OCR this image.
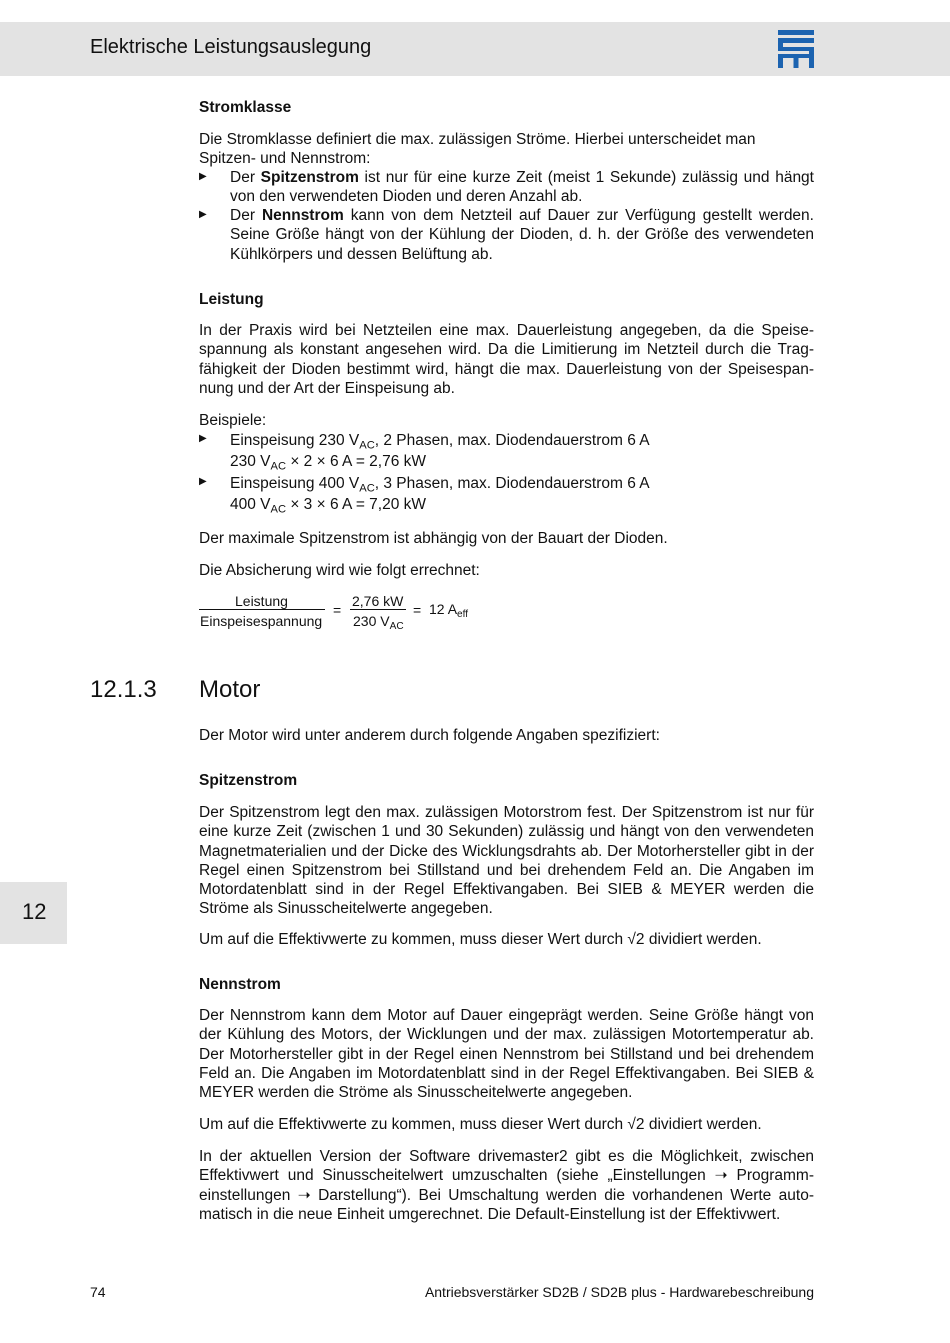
Elektrische Leistungsauslegung
12
Stromklasse
Die Stromklasse definiert die max. zulässigen Ströme. Hierbei unterscheidet man
Spitzen- und Nennstrom:
▶ Der Spitzenstrom ist nur für eine kurze Zeit (meist 1 Sekunde) zulässig und hängt von den verwendeten Dioden und deren Anzahl ab.
▶ Der Nennstrom kann von dem Netzteil auf Dauer zur Verfügung gestellt werden. Seine Größe hängt von der Kühlung der Dioden, d. h. der Größe des verwendeten Kühlkörpers und dessen Belüftung ab.
Leistung
In der Praxis wird bei Netzteilen eine max. Dauerleistung angegeben, da die Speisespannung als konstant angesehen wird. Da die Limitierung im Netzteil durch die Tragfähigkeit der Dioden bestimmt wird, hängt die max. Dauerleistung von der Speisespannung und der Art der Einspeisung ab.
Beispiele:
▶ Einspeisung 230 $V_{AC}$, 2 Phasen, max. Diodendauerstrom 6 A
230 $V_{AC} \times 2 \times 6$ A = 2,76 kW
▶ Einspeisung 400 $V_{AC}$, 3 Phasen, max. Diodendauerstrom 6 A
400 $V_{AC} \times 3 \times 6$ A = 7,20 kW
Der maximale Spitzenstrom ist abhängig von der Bauart der Dioden.
Die Absicherung wird wie folgt errechnet:
Leistung
Einspeisespannung
=
2,76 kW
230 $V_{AC}$
= 12 $A_{eff}$
Der Motor wird unter anderem durch folgende Angaben spezifiziert:
Spitzenstrom
Der Spitzenstrom legt den max. zulässigen Motorstrom fest. Der Spitzenstrom ist nur für eine kurze Zeit (zwischen 1 und 30 Sekunden) zulässig und hängt von den verwendeten Magnetmaterialien und der Dicke des Wicklungsdrahts ab. Der Motorhersteller gibt in der Regel einen Spitzenstrom bei Stillstand und bei drehendem Feld an. Die Angaben im Motordatenblatt sind in der Regel Effektivangaben. Bei SIEB & MEYER werden die Ströme als Sinusscheitelwerte angegeben.
Um auf die Effektivwerte zu kommen, muss dieser Wert durch √2 dividiert werden.
Nennstrom
Der Nennstrom kann dem Motor auf Dauer eingeprägt werden. Seine Größe hängt von der Kühlung des Motors, der Wicklungen und der max. zulässigen Motortemperatur ab. Der Motorhersteller gibt in der Regel einen Nennstrom bei Stillstand und bei drehendem Feld an. Die Angaben im Motordatenblatt sind in der Regel Effektivangaben. Bei SIEB & MEYER werden die Ströme als Sinusscheitelwerte angegeben.
Um auf die Effektivwerte zu kommen, muss dieser Wert durch √2 dividiert werden.
In der aktuellen Version der Software drivemaster2 gibt es die Möglichkeit, zwischen Effektivwert und Sinusscheitelwert umzuschalten (siehe „Einstellungen ➝ Programmeinstellungen ➝ Darstellung“). Bei Umschaltung werden die vorhandenen Werte automatisch in die neue Einheit umgerechnet. Die Default-Einstellung ist der Effektivwert.
12.1.3 Motor
74	Antriebsverstärker SD2B / SD2B plus - Hardwarebeschreibung
